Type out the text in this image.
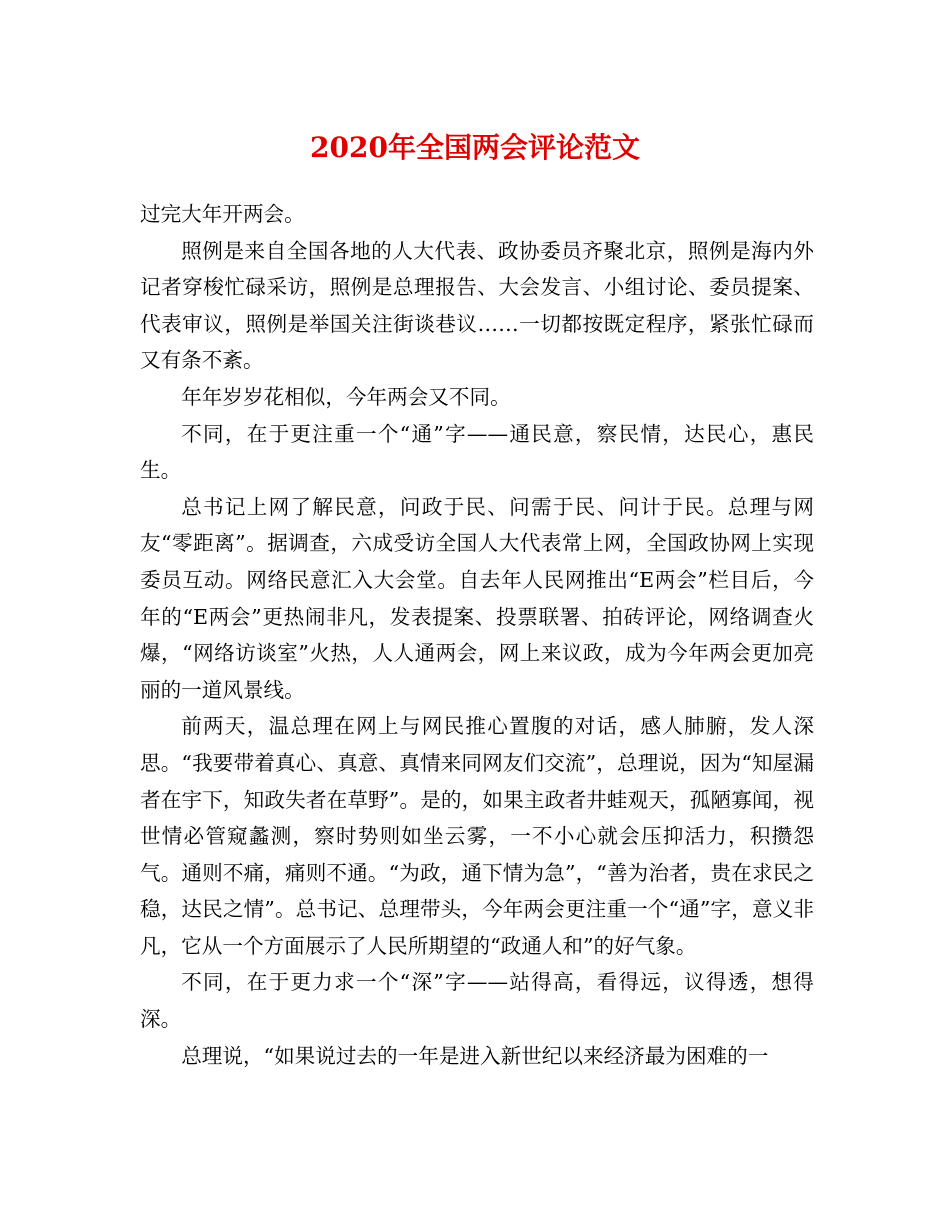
2020年全国两会评论范文

过完大年开两会。

照例是来自全国各地的人大代表、政协委员齐聚北京，照例是海内外记者穿梭忙碌采访，照例是总理报告、大会发言、小组讨论、委员提案、代表审议，照例是举国关注街谈巷议……一切都按既定程序，紧张忙碌而又有条不紊。

年年岁岁花相似，今年两会又不同。

不同，在于更注重一个“通”字——通民意，察民情，达民心，惠民生。

总书记上网了解民意，问政于民、问需于民、问计于民。总理与网友“零距离”。据调查，六成受访全国人大代表常上网，全国政协网上实现委员互动。网络民意汇入大会堂。自去年人民网推出“E两会”栏目后，今年的“E两会”更热闹非凡，发表提案、投票联署、拍砖评论，网络调查火爆，“网络访谈室”火热，人人通两会，网上来议政，成为今年两会更加亮丽的一道风景线。

前两天，温总理在网上与网民推心置腹的对话，感人肺腑，发人深思。“我要带着真心、真意、真情来同网友们交流”，总理说，因为“知屋漏者在宇下，知政失者在草野”。是的，如果主政者井蛙观天，孤陋寡闻，视世情必管窥蠡测，察时势则如坐云雾，一不小心就会压抑活力，积攒怨气。通则不痛，痛则不通。“为政，通下情为急”，“善为治者，贵在求民之稳，达民之情”。总书记、总理带头，今年两会更注重一个“通”字，意义非凡，它从一个方面展示了人民所期望的“政通人和”的好气象。

不同，在于更力求一个“深”字——站得高，看得远，议得透，想得深。

总理说，“如果说过去的一年是进入新世纪以来经济最为困难的一
